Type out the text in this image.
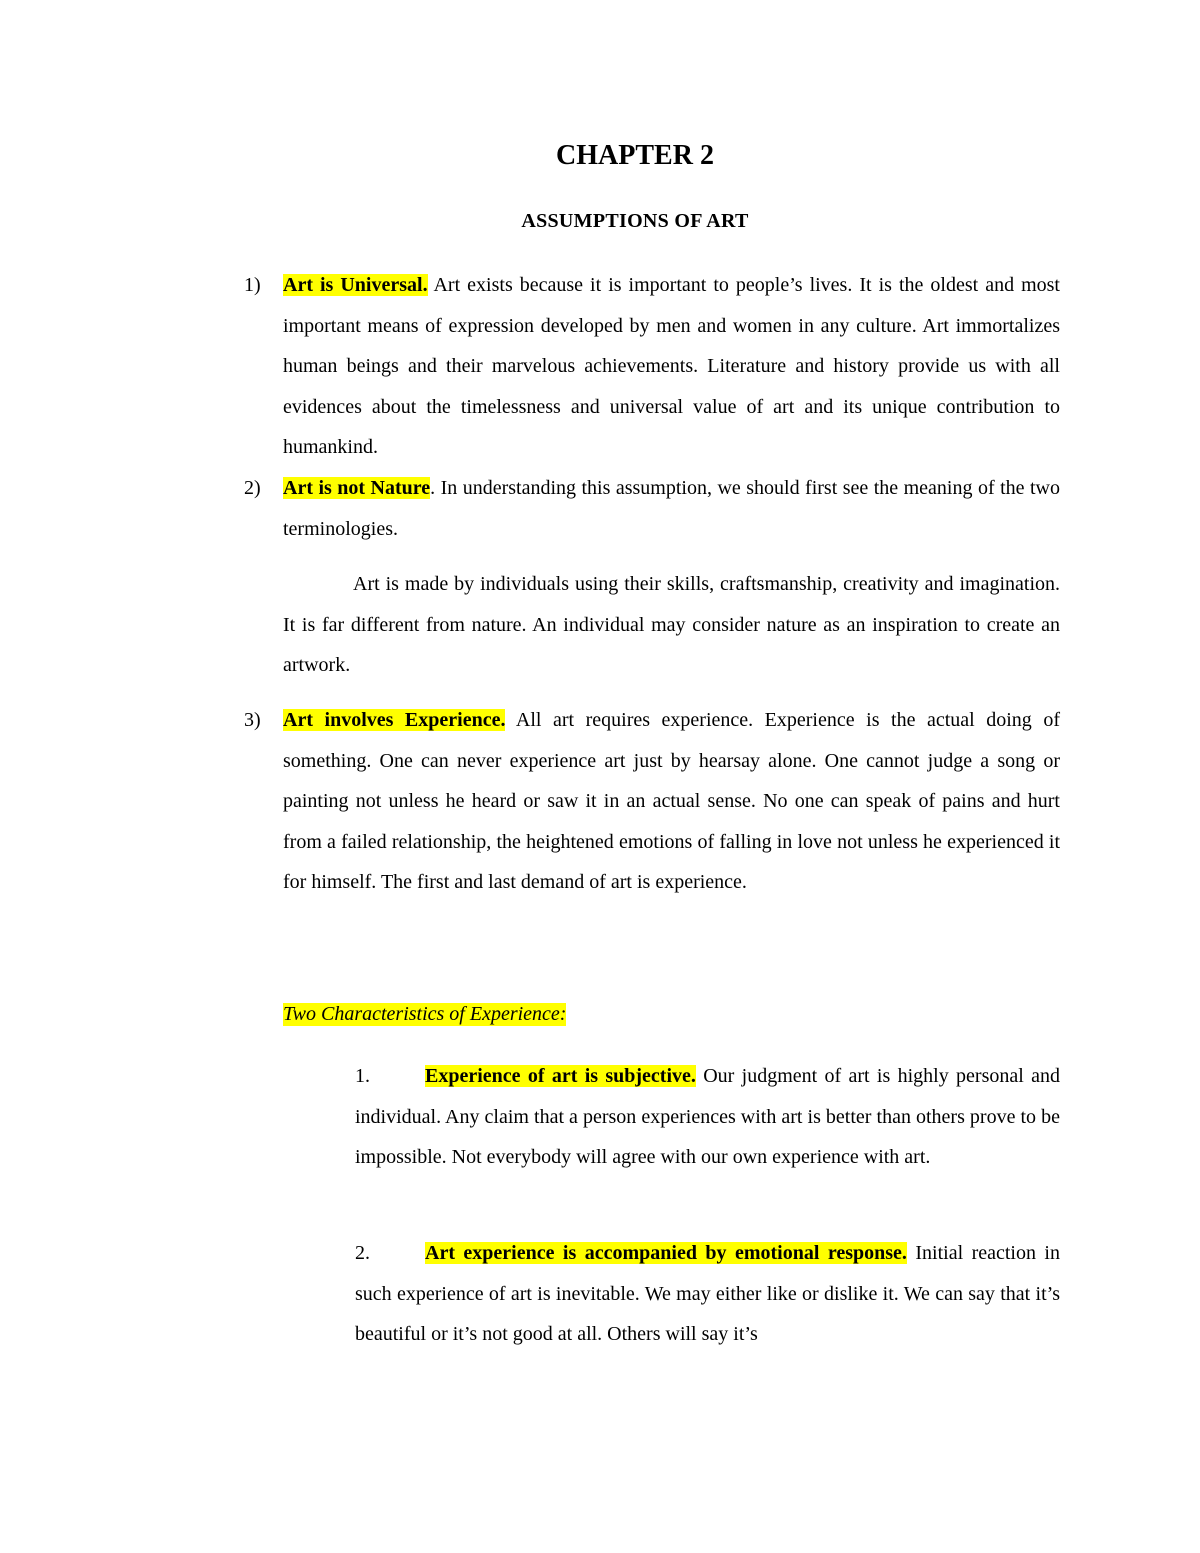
CHAPTER 2
ASSUMPTIONS OF ART
1) Art is Universal. Art exists because it is important to people’s lives. It is the oldest and most important means of expression developed by men and women in any culture. Art immortalizes human beings and their marvelous achievements. Literature and history provide us with all evidences about the timelessness and universal value of art and its unique contribution to humankind.
2) Art is not Nature. In understanding this assumption, we should first see the meaning of the two terminologies.
Art is made by individuals using their skills, craftsmanship, creativity and imagination. It is far different from nature. An individual may consider nature as an inspiration to create an artwork.
3) Art involves Experience. All art requires experience. Experience is the actual doing of something. One can never experience art just by hearsay alone. One cannot judge a song or painting not unless he heard or saw it in an actual sense. No one can speak of pains and hurt from a failed relationship, the heightened emotions of falling in love not unless he experienced it for himself. The first and last demand of art is experience.
Two Characteristics of Experience:
1.	Experience of art is subjective. Our judgment of art is highly personal and individual. Any claim that a person experiences with art is better than others prove to be impossible. Not everybody will agree with our own experience with art.
2.	Art experience is accompanied by emotional response. Initial reaction in such experience of art is inevitable. We may either like or dislike it. We can say that it’s beautiful or it’s not good at all. Others will say it’s
